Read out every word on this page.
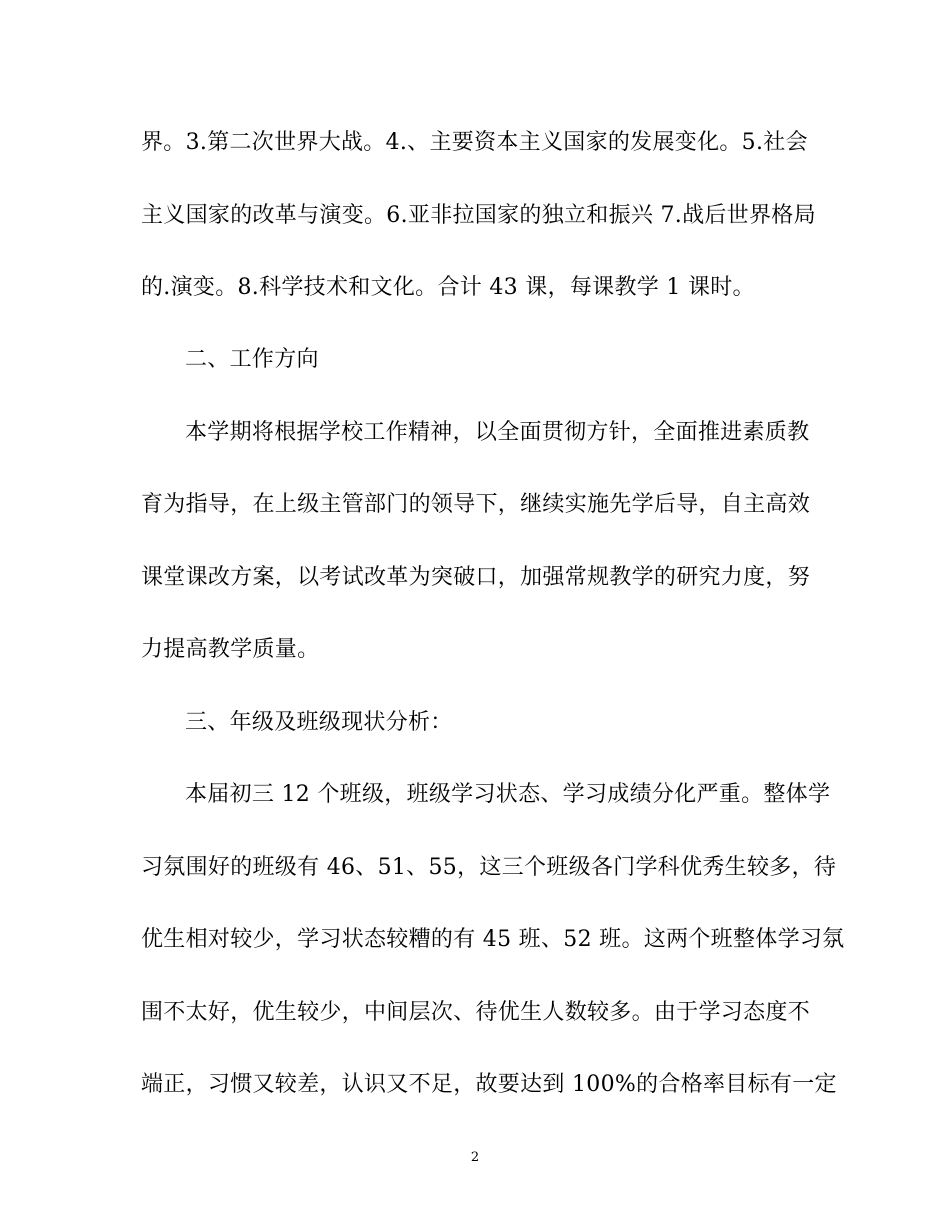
界。3.第二次世界大战。4.、主要资本主义国家的发展变化。5.社会
主义国家的改革与演变。6.亚非拉国家的独立和振兴 7.战后世界格局
的.演变。8.科学技术和文化。合计 43 课，每课教学 1 课时。
二、工作方向
本学期将根据学校工作精神，以全面贯彻方针，全面推进素质教
育为指导，在上级主管部门的领导下，继续实施先学后导，自主高效
课堂课改方案，以考试改革为突破口，加强常规教学的研究力度，努
力提高教学质量。
三、年级及班级现状分析：
本届初三 12 个班级，班级学习状态、学习成绩分化严重。整体学
习氛围好的班级有 46、51、55，这三个班级各门学科优秀生较多，待
优生相对较少，学习状态较糟的有 45 班、52 班。这两个班整体学习氛
围不太好，优生较少，中间层次、待优生人数较多。由于学习态度不
端正，习惯又较差，认识又不足，故要达到 100%的合格率目标有一定
2
